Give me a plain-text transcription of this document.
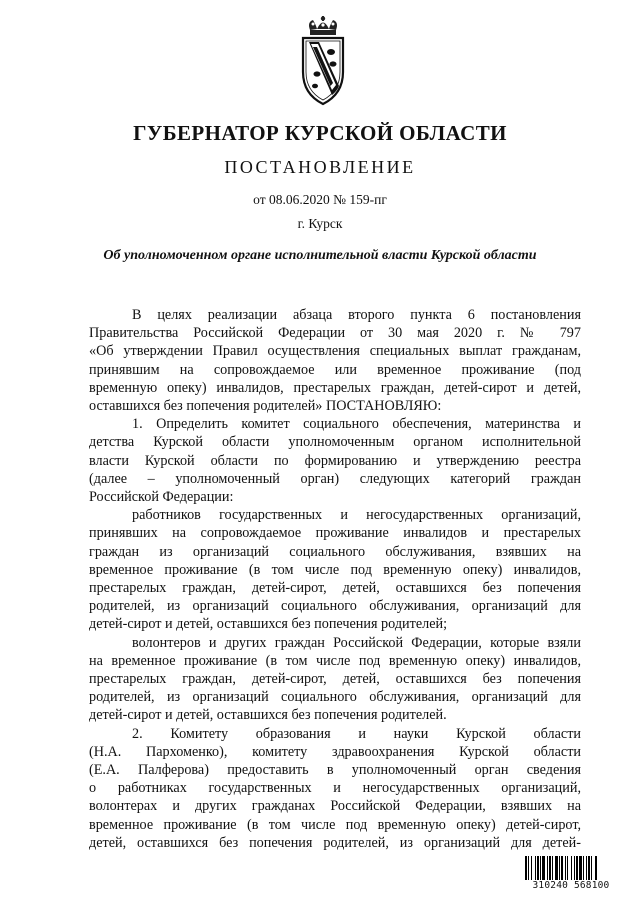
ГУБЕРНАТОР КУРСКОЙ ОБЛАСТИ
ПОСТАНОВЛЕНИЕ
от 08.06.2020 № 159-пг
г. Курск
Об уполномоченном органе исполнительной власти Курской области
В целях реализации абзаца второго пункта 6 постановления
Правительства Российской Федерации от 30 мая 2020 г. № 797
«Об утверждении Правил осуществления специальных выплат гражданам,
принявшим на сопровождаемое или временное проживание (под
временную опеку) инвалидов, престарелых граждан, детей-сирот и детей,
оставшихся без попечения родителей» ПОСТАНОВЛЯЮ:
1. Определить комитет социального обеспечения, материнства и
детства Курской области уполномоченным органом исполнительной
власти Курской области по формированию и утверждению реестра
(далее – уполномоченный орган) следующих категорий граждан
Российской Федерации:
работников государственных и негосударственных организаций,
принявших на сопровождаемое проживание инвалидов и престарелых
граждан из организаций социального обслуживания, взявших на
временное проживание (в том числе под временную опеку) инвалидов,
престарелых граждан, детей-сирот, детей, оставшихся без попечения
родителей, из организаций социального обслуживания, организаций для
детей-сирот и детей, оставшихся без попечения родителей;
волонтеров и других граждан Российской Федерации, которые взяли
на временное проживание (в том числе под временную опеку) инвалидов,
престарелых граждан, детей-сирот, детей, оставшихся без попечения
родителей, из организаций социального обслуживания, организаций для
детей-сирот и детей, оставшихся без попечения родителей.
2. Комитету образования и науки Курской области
(Н.А. Пархоменко), комитету здравоохранения Курской области
(Е.А. Палферова) предоставить в уполномоченный орган сведения
о работниках государственных и негосударственных организаций,
волонтерах и других гражданах Российской Федерации, взявших на
временное проживание (в том числе под временную опеку) детей-сирот,
детей, оставшихся без попечения родителей, из организаций для детей-
310240 568100
